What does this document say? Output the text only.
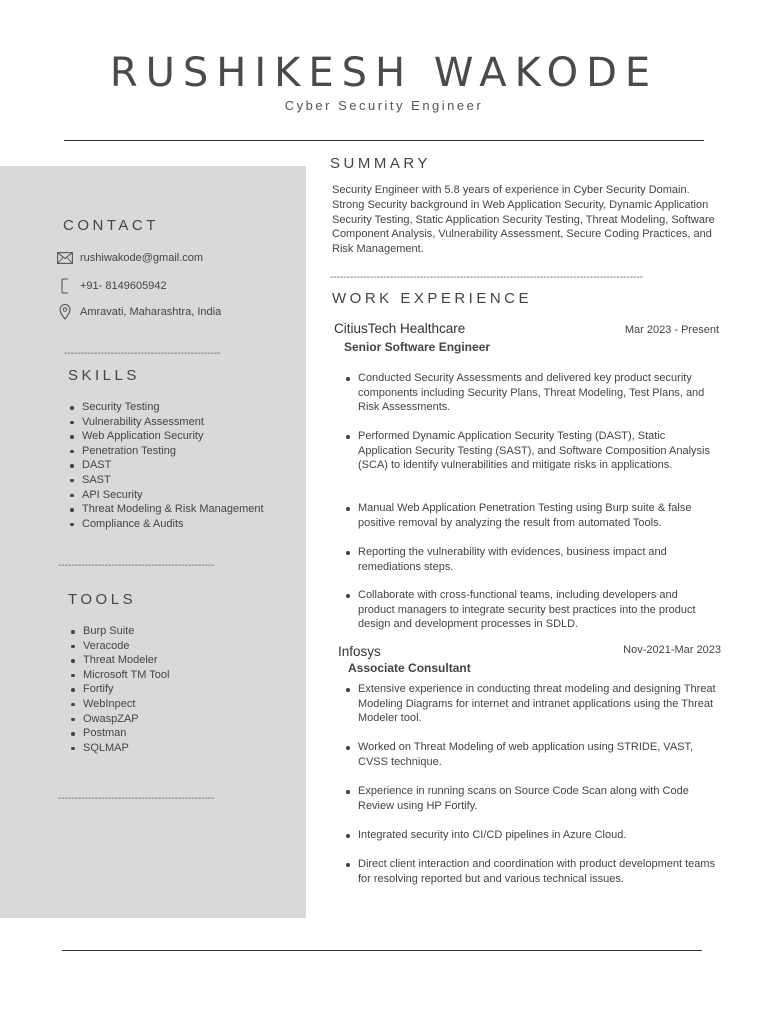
RUSHIKESH WAKODE
Cyber Security Engineer
CONTACT
rushiwakode@gmail.com
+91- 8149605942
Amravati, Maharashtra, India
-----------------------------------------------
SKILLS
Security Testing
Vulnerability Assessment
Web Application Security
Penetration Testing
DAST
SAST
API Security
Threat Modeling & Risk Management
Compliance & Audits
-----------------------------------------------
TOOLS
Burp Suite
Veracode
Threat Modeler
Microsoft TM Tool
Fortify
WebInpect
OwaspZAP
Postman
SQLMAP
-----------------------------------------------
SUMMARY
Security Engineer with 5.8 years of experience in Cyber Security Domain. Strong Security background in Web Application Security, Dynamic Application Security Testing, Static Application Security Testing, Threat Modeling, Software Component Analysis, Vulnerability Assessment, Secure Coding Practices, and Risk Management.
----------------------------------------------------------------------------------------------
WORK EXPERIENCE
CitiusTech Healthcare	Mar 2023 - Present
Senior Software Engineer
Conducted Security Assessments and delivered key product security components including Security Plans, Threat Modeling, Test Plans, and Risk Assessments.
Performed Dynamic Application Security Testing (DAST), Static Application Security Testing (SAST), and Software Composition Analysis (SCA) to identify vulnerabilities and mitigate risks in applications.
Manual Web Application Penetration Testing using Burp suite & false positive removal by analyzing the result from automated Tools.
Reporting the vulnerability with evidences, business impact and remediations steps.
Collaborate with cross-functional teams, including developers and product managers to integrate security best practices into the product design and development processes in SDLD.
Infosys	Nov-2021-Mar 2023
Associate Consultant
Extensive experience in conducting threat modeling and designing Threat Modeling Diagrams for internet and intranet applications using the Threat Modeler tool.
Worked on Threat Modeling of web application using STRIDE, VAST, CVSS technique.
Experience in running scans on Source Code Scan along with Code Review using HP Fortify.
Integrated security into CI/CD pipelines in Azure Cloud.
Direct client interaction and coordination with product development teams for resolving reported but and various technical issues.
